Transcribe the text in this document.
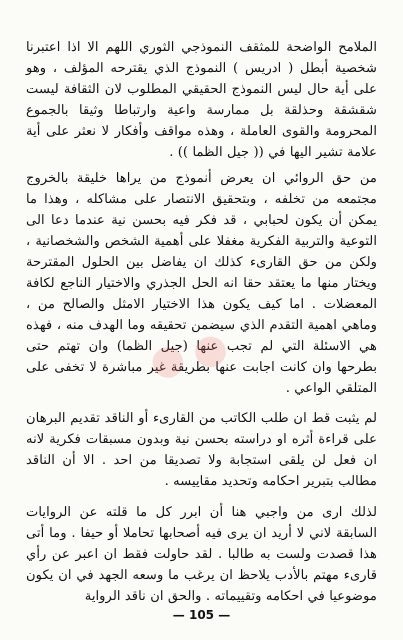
الملامح الواضحة للمثقف النموذجي الثوري اللهم الا اذا اعتبرنا شخصية أبطل ( ادريس ) النموذج الذي يقترحه المؤلف ، وهو على أية حال ليس النموذج الحقيقي المطلوب لان الثقافة ليست شقشقة وحذلقة بل ممارسة واعية وارتباطا وثيقا بالجموع المحرومة والقوى العاملة ، وهذه مواقف وأفكار لا نعثر على أية علامة تشير اليها في (( جيل الظما )) .

من حق الروائي ان يعرض أنموذج من يراها خليقة بالخروج مجتمعه من تخلفه ، وبتحقيق الانتصار على مشاكله ، وهذا ما يمكن أن يكون لحبابي ، قد فكر فيه بحسن نية عندما دعا الى التوعية والتربية الفكرية مغفلا على أهمية الشخص والشخصانية ، ولكن من حق القارىء كذلك ان يفاضل بين الحلول المقترحة ويختار منها ما يعتقد حقا انه الحل الجذري والاختيار الناجع لكافة المعضلات . اما كيف يكون هذا الاختيار الامثل والصالح من ، وماهي اهمية التقدم الذي سيضمن تحقيقه وما الهدف منه ، فهذه هي الاسئلة التي لم تجب عنها (جيل الظما) وان تهتم حتى بطرحها وان كانت اجابت عنها بطريقة غير مباشرة لا تخفى على المتلقي الواعي .

لم يثبت قط ان طلب الكاتب من القارىء أو الناقد تقديم البرهان على قراءة أثره او دراسته بحسن نية وبدون مسبقات فكرية لانه ان فعل لن يلقى استجابة ولا تصديقا من احد . الا أن الناقد مطالب بتبرير احكامه وتحديد مقاييسه .

لذلك ارى من واجبي هنا أن ابرر كل ما قلته عن الروايات السابقة لاني لا أريد ان يرى فيه أصحابها تحاملا أو حيفا . وما أتى هذا قصدت ولست به طالبا . لقد حاولت فقط ان اعبر عن رأي قارىء مهتم بالأدب يلاحظ ان يرغب ما وسعه الجهد في ان يكون موضوعيا في احكامه وتقييماته . والحق ان ناقد الرواية

⬤ ⬤
— 105 —
